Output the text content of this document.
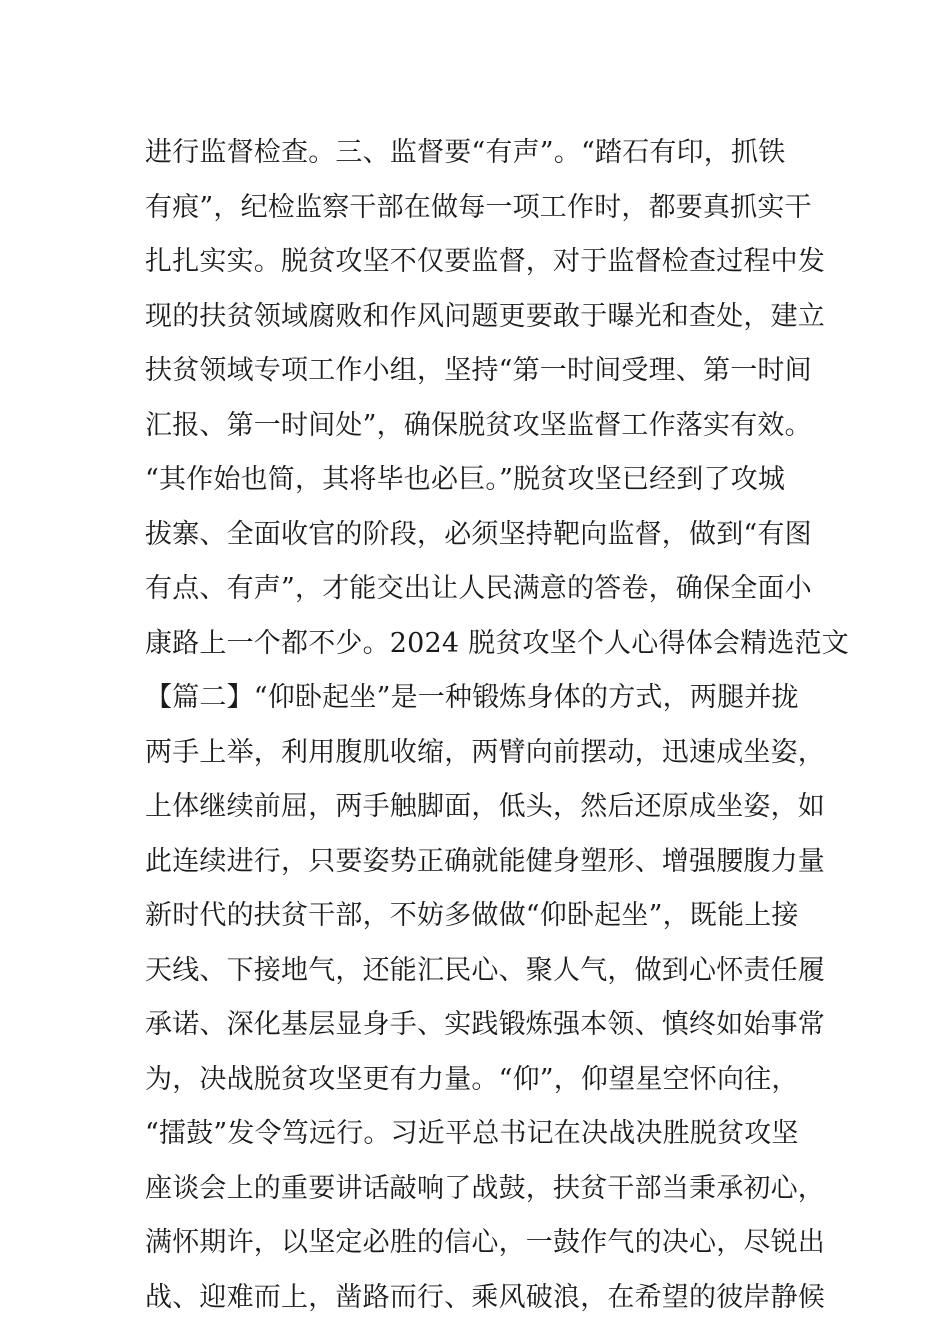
进行监督检查。三、监督要“有声”。“踏石有印，抓铁
有痕”，纪检监察干部在做每一项工作时，都要真抓实干
扎扎实实。脱贫攻坚不仅要监督，对于监督检查过程中发
现的扶贫领域腐败和作风问题更要敢于曝光和查处，建立
扶贫领域专项工作小组，坚持“第一时间受理、第一时间
汇报、第一时间处”，确保脱贫攻坚监督工作落实有效。
“其作始也简，其将毕也必巨。”脱贫攻坚已经到了攻城
拔寨、全面收官的阶段，必须坚持靶向监督，做到“有图
有点、有声”，才能交出让人民满意的答卷，确保全面小
康路上一个都不少。2024 脱贫攻坚个人心得体会精选范文
【篇二】“仰卧起坐”是一种锻炼身体的方式，两腿并拢
两手上举，利用腹肌收缩，两臂向前摆动，迅速成坐姿，
上体继续前屈，两手触脚面，低头，然后还原成坐姿，如
此连续进行，只要姿势正确就能健身塑形、增强腰腹力量
新时代的扶贫干部，不妨多做做“仰卧起坐”，既能上接
天线、下接地气，还能汇民心、聚人气，做到心怀责任履
承诺、深化基层显身手、实践锻炼强本领、慎终如始事常
为，决战脱贫攻坚更有力量。“仰”，仰望星空怀向往，
“擂鼓”发令笃远行。习近平总书记在决战决胜脱贫攻坚
座谈会上的重要讲话敲响了战鼓，扶贫干部当秉承初心，
满怀期许，以坚定必胜的信心，一鼓作气的决心，尽锐出
战、迎难而上，凿路而行、乘风破浪，在希望的彼岸静候
